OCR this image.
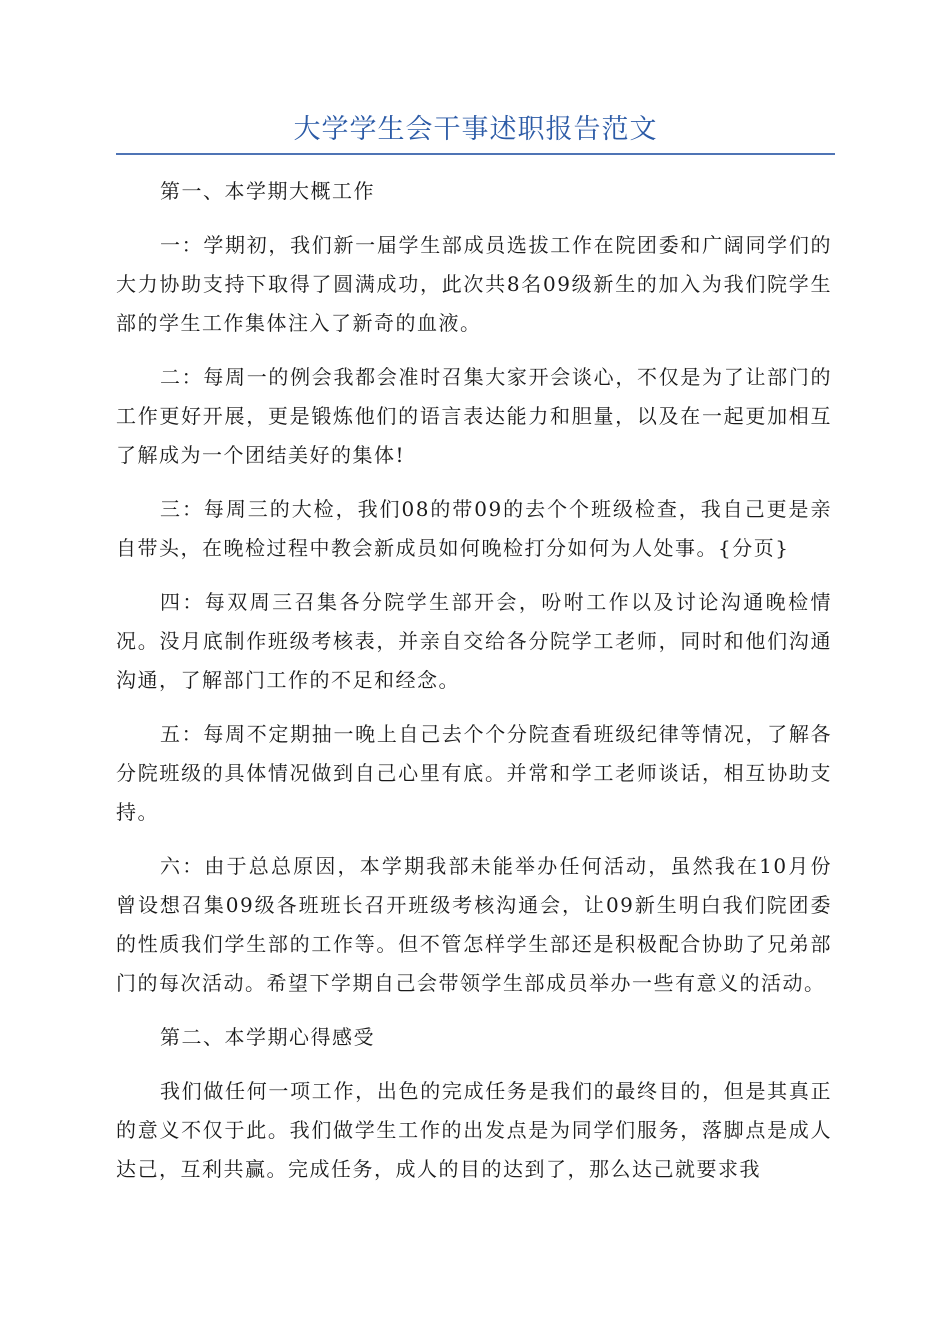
大学学生会干事述职报告范文

第一、本学期大概工作

一：学期初，我们新一届学生部成员选拔工作在院团委和广阔同学们的大力协助支持下取得了圆满成功，此次共8名09级新生的加入为我们院学生部的学生工作集体注入了新奇的血液。

二：每周一的例会我都会准时召集大家开会谈心，不仅是为了让部门的工作更好开展，更是锻炼他们的语言表达能力和胆量，以及在一起更加相互了解成为一个团结美好的集体!

三：每周三的大检，我们08的带09的去个个班级检查，我自己更是亲自带头，在晚检过程中教会新成员如何晚检打分如何为人处事。{分页}

四：每双周三召集各分院学生部开会，吩咐工作以及讨论沟通晚检情况。没月底制作班级考核表，并亲自交给各分院学工老师，同时和他们沟通沟通，了解部门工作的不足和经念。

五：每周不定期抽一晚上自己去个个分院查看班级纪律等情况，了解各分院班级的具体情况做到自己心里有底。并常和学工老师谈话，相互协助支持。

六：由于总总原因，本学期我部未能举办任何活动，虽然我在10月份曾设想召集09级各班班长召开班级考核沟通会，让09新生明白我们院团委的性质我们学生部的工作等。但不管怎样学生部还是积极配合协助了兄弟部门的每次活动。希望下学期自己会带领学生部成员举办一些有意义的活动。

第二、本学期心得感受

我们做任何一项工作，出色的完成任务是我们的最终目的，但是其真正的意义不仅于此。我们做学生工作的出发点是为同学们服务，落脚点是成人达己，互利共赢。完成任务，成人的目的达到了，那么达己就要求我
